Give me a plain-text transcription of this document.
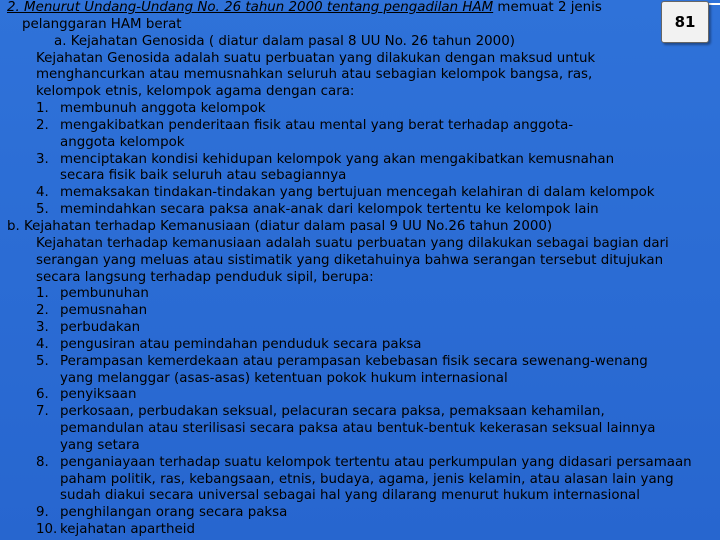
81
2. Menurut Undang-Undang No. 26 tahun 2000 tentang pengadilan HAM memuat 2 jenis
pelanggaran HAM berat
a. Kejahatan Genosida ( diatur dalam pasal 8 UU No. 26 tahun 2000)
Kejahatan Genosida adalah suatu perbuatan yang dilakukan dengan maksud untuk
menghancurkan atau memusnahkan seluruh atau sebagian kelompok bangsa, ras,
kelompok etnis, kelompok agama dengan cara:
1. membunuh anggota kelompok
2. mengakibatkan penderitaan fisik atau mental yang berat terhadap anggota-
anggota kelompok
3. menciptakan kondisi kehidupan kelompok yang akan mengakibatkan kemusnahan
secara fisik baik seluruh atau sebagiannya
4. memaksakan tindakan-tindakan yang bertujuan mencegah kelahiran di dalam kelompok
5. memindahkan secara paksa anak-anak dari kelompok tertentu ke kelompok lain
b. Kejahatan terhadap Kemanusiaan (diatur dalam pasal 9 UU No.26 tahun 2000)
Kejahatan terhadap kemanusiaan adalah suatu perbuatan yang dilakukan sebagai bagian dari
serangan yang meluas atau sistimatik yang diketahuinya bahwa serangan tersebut ditujukan
secara langsung terhadap penduduk sipil, berupa:
1. pembunuhan
2. pemusnahan
3. perbudakan
4. pengusiran atau pemindahan penduduk secara paksa
5. Perampasan kemerdekaan atau perampasan kebebasan fisik secara sewenang-wenang
yang melanggar (asas-asas) ketentuan pokok hukum internasional
6. penyiksaan
7. perkosaan, perbudakan seksual, pelacuran secara paksa, pemaksaan kehamilan,
pemandulan atau sterilisasi secara paksa atau bentuk-bentuk kekerasan seksual lainnya
yang setara
8. penganiayaan terhadap suatu kelompok tertentu atau perkumpulan yang didasari persamaan
paham politik, ras, kebangsaan, etnis, budaya, agama, jenis kelamin, atau alasan lain yang
sudah diakui secara universal sebagai hal yang dilarang menurut hukum internasional
9. penghilangan orang secara paksa
10. kejahatan apartheid
